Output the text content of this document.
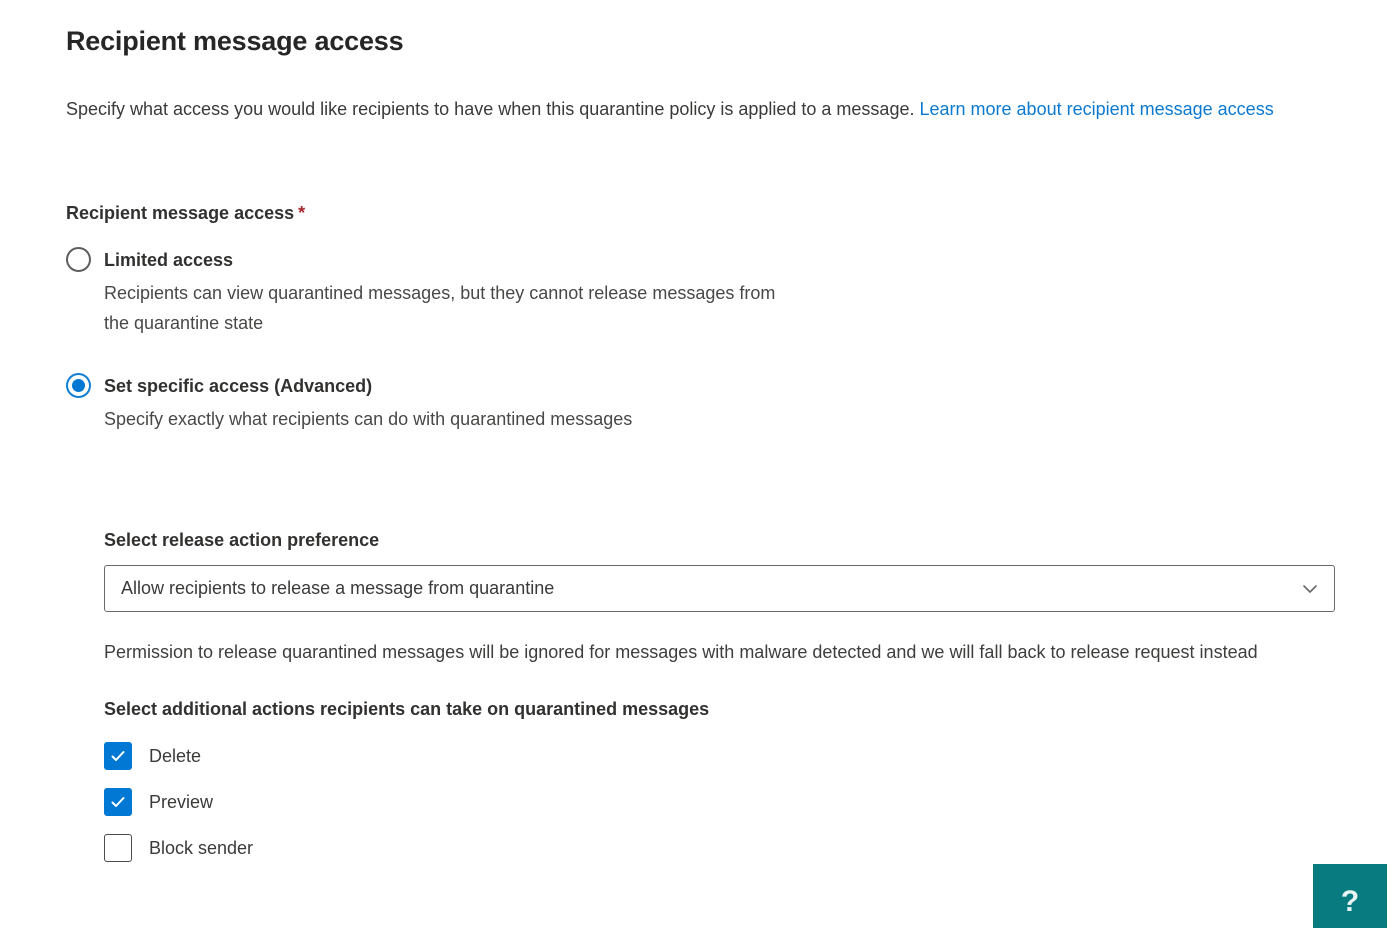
Recipient message access

Specify what access you would like recipients to have when this quarantine policy is applied to a message. Learn more about recipient message access

Recipient message access *
Limited access
Recipients can view quarantined messages, but they cannot release messages from the quarantine state
Set specific access (Advanced)
Specify exactly what recipients can do with quarantined messages
Select release action preference
Allow recipients to release a message from quarantine

Permission to release quarantined messages will be ignored for messages with malware detected and we will fall back to release request instead

Select additional actions recipients can take on quarantined messages
Delete
Preview
Block sender
?
